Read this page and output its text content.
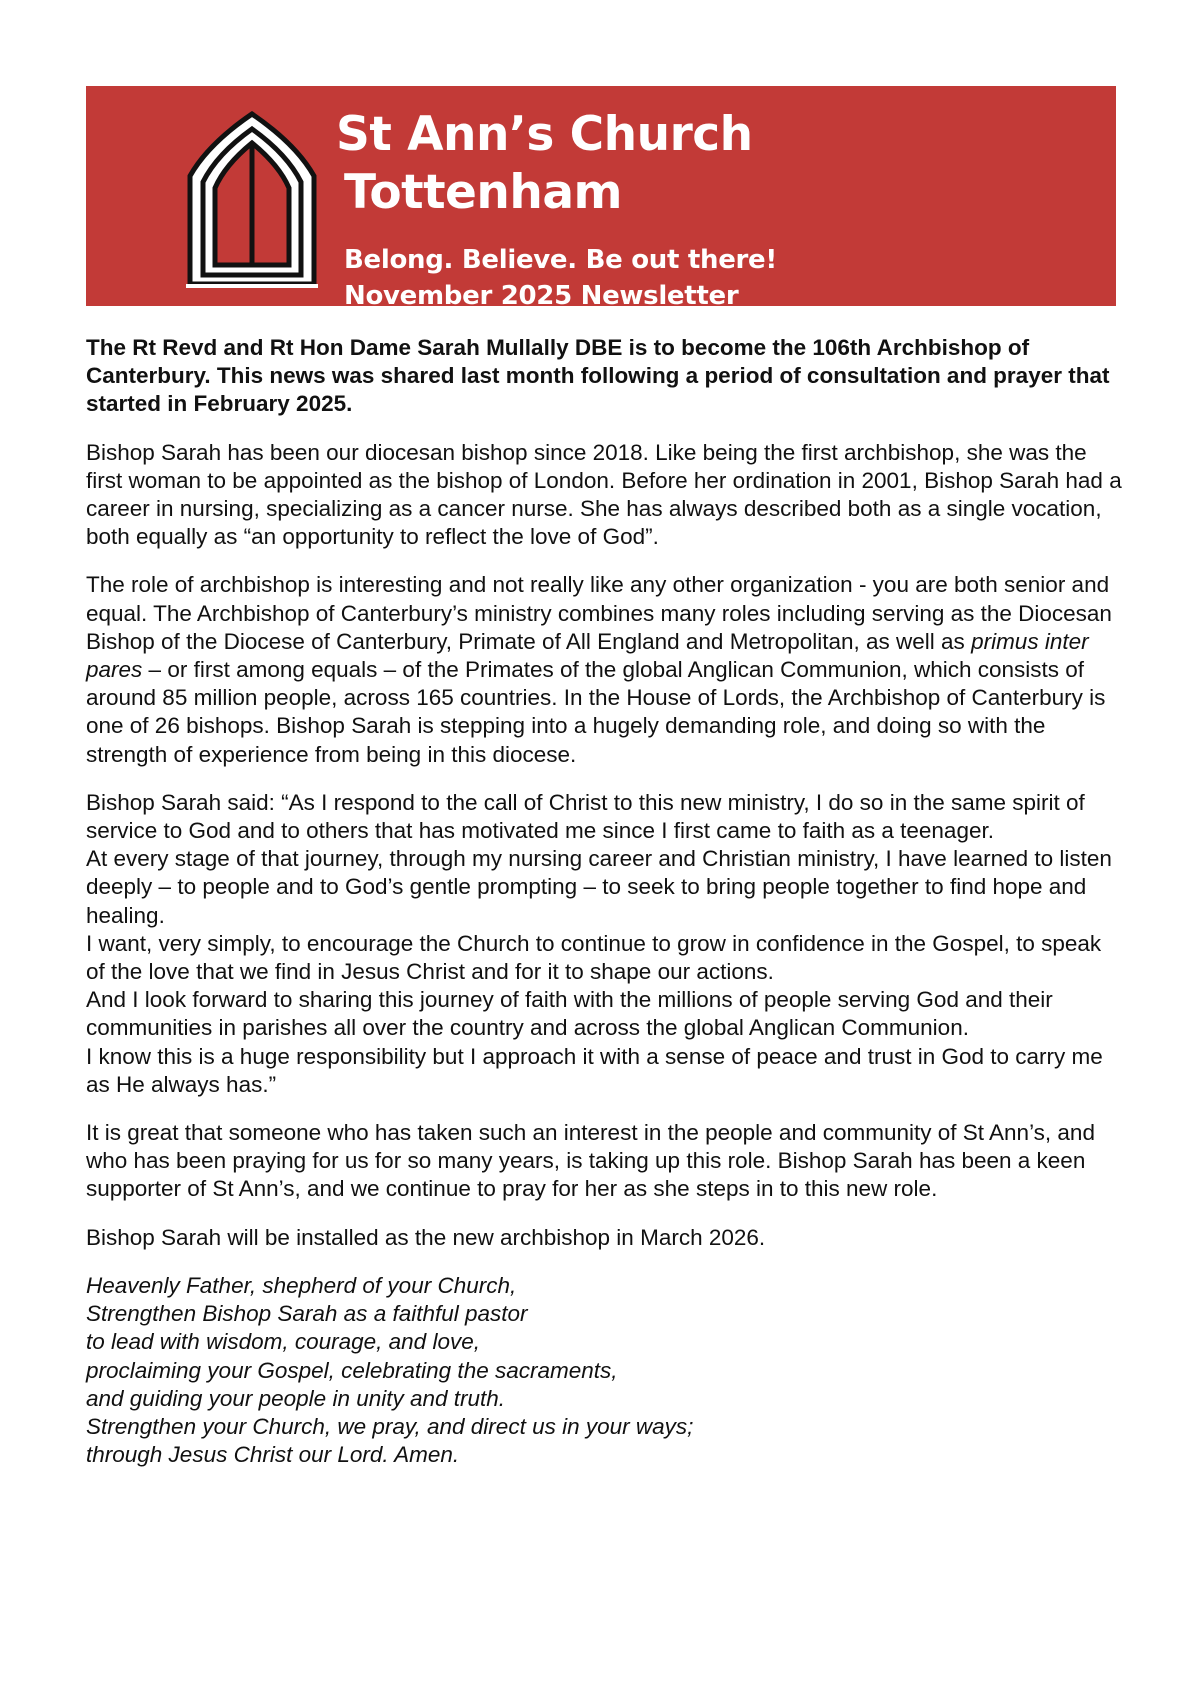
St Ann’s Church
Tottenham
Belong. Believe. Be out there!
November 2025 Newsletter

The Rt Revd and Rt Hon Dame Sarah Mullally DBE is to become the 106th Archbishop of Canterbury. This news was shared last month following a period of consultation and prayer that started in February 2025.

Bishop Sarah has been our diocesan bishop since 2018. Like being the first archbishop, she was the first woman to be appointed as the bishop of London. Before her ordination in 2001, Bishop Sarah had a career in nursing, specializing as a cancer nurse. She has always described both as a single vocation, both equally as “an opportunity to reflect the love of God”.

The role of archbishop is interesting and not really like any other organization - you are both senior and equal. The Archbishop of Canterbury’s ministry combines many roles including serving as the Diocesan Bishop of the Diocese of Canterbury, Primate of All England and Metropolitan, as well as primus inter pares – or first among equals – of the Primates of the global Anglican Communion, which consists of around 85 million people, across 165 countries. In the House of Lords, the Archbishop of Canterbury is one of 26 bishops. Bishop Sarah is stepping into a hugely demanding role, and doing so with the strength of experience from being in this diocese.

Bishop Sarah said: “As I respond to the call of Christ to this new ministry, I do so in the same spirit of service to God and to others that has motivated me since I first came to faith as a teenager.
At every stage of that journey, through my nursing career and Christian ministry, I have learned to listen deeply – to people and to God’s gentle prompting – to seek to bring people together to find hope and healing.
I want, very simply, to encourage the Church to continue to grow in confidence in the Gospel, to speak of the love that we find in Jesus Christ and for it to shape our actions.
And I look forward to sharing this journey of faith with the millions of people serving God and their communities in parishes all over the country and across the global Anglican Communion.
I know this is a huge responsibility but I approach it with a sense of peace and trust in God to carry me as He always has.”

It is great that someone who has taken such an interest in the people and community of St Ann’s, and who has been praying for us for so many years, is taking up this role. Bishop Sarah has been a keen supporter of St Ann’s, and we continue to pray for her as she steps in to this new role.

Bishop Sarah will be installed as the new archbishop in March 2026.

Heavenly Father, shepherd of your Church,
Strengthen Bishop Sarah as a faithful pastor
to lead with wisdom, courage, and love,
proclaiming your Gospel, celebrating the sacraments,
and guiding your people in unity and truth.
Strengthen your Church, we pray, and direct us in your ways;
through Jesus Christ our Lord. Amen.
